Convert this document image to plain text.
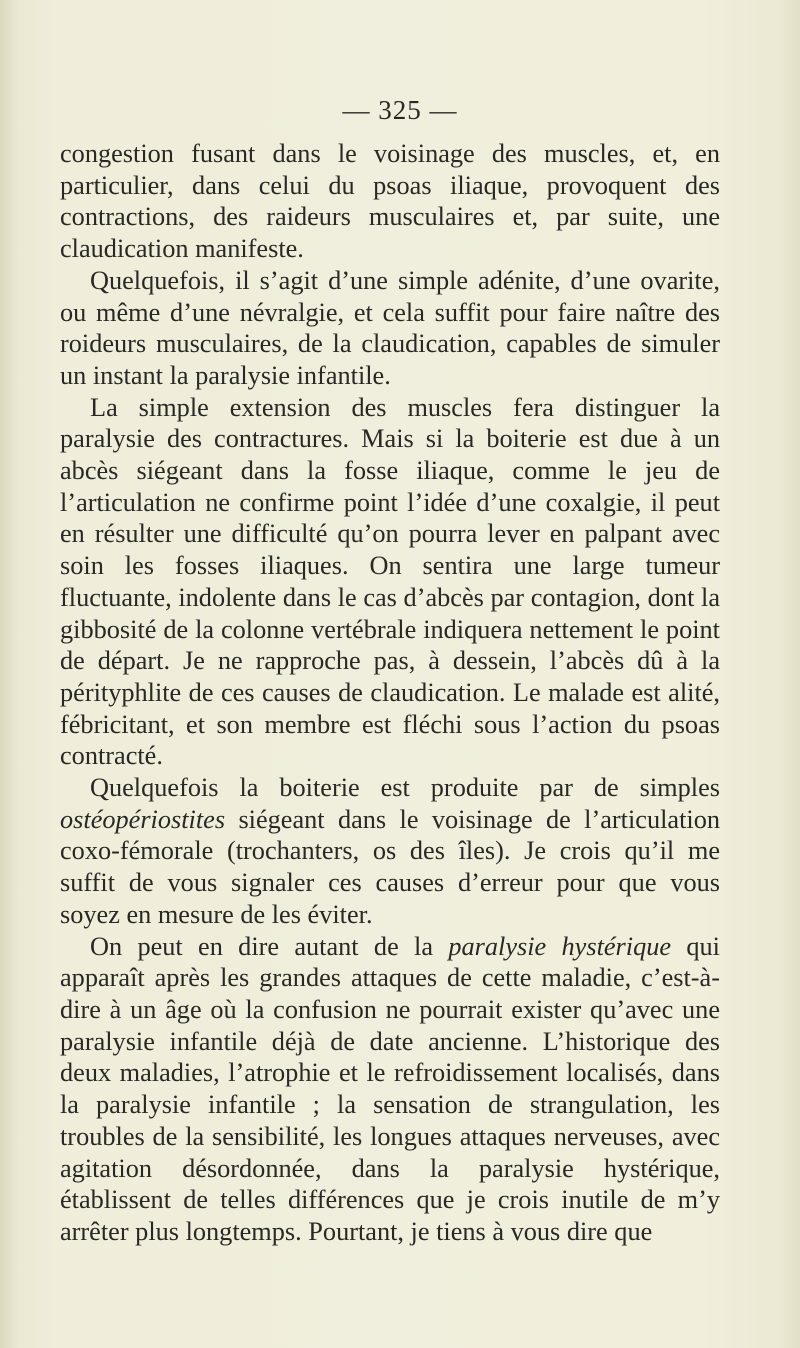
— 325 —

congestion fusant dans le voisinage des muscles, et, en particulier, dans celui du psoas iliaque, provoquent des contractions, des raideurs musculaires et, par suite, une claudication manifeste.

Quelquefois, il s’agit d’une simple adénite, d’une ovarite, ou même d’une névralgie, et cela suffit pour faire naître des roideurs musculaires, de la claudication, capables de simuler un instant la paralysie infantile.

La simple extension des muscles fera distinguer la paralysie des contractures. Mais si la boiterie est due à un abcès siégeant dans la fosse iliaque, comme le jeu de l’articulation ne confirme point l’idée d’une coxalgie, il peut en résulter une difficulté qu’on pourra lever en palpant avec soin les fosses iliaques. On sentira une large tumeur fluctuante, indolente dans le cas d’abcès par contagion, dont la gibbosité de la colonne vertébrale indiquera nettement le point de départ. Je ne rapproche pas, à dessein, l’abcès dû à la pérityphlite de ces causes de claudication. Le malade est alité, fébricitant, et son membre est fléchi sous l’action du psoas contracté.

Quelquefois la boiterie est produite par de simples ostéopériostites siégeant dans le voisinage de l’articulation coxo-fémorale (trochanters, os des îles). Je crois qu’il me suffit de vous signaler ces causes d’erreur pour que vous soyez en mesure de les éviter.

On peut en dire autant de la paralysie hystérique qui apparaît après les grandes attaques de cette maladie, c’est-à-dire à un âge où la confusion ne pourrait exister qu’avec une paralysie infantile déjà de date ancienne. L’historique des deux maladies, l’atrophie et le refroidissement localisés, dans la paralysie infantile ; la sensation de strangulation, les troubles de la sensibilité, les longues attaques nerveuses, avec agitation désordonnée, dans la paralysie hystérique, établissent de telles différences que je crois inutile de m’y arrêter plus longtemps. Pourtant, je tiens à vous dire que
